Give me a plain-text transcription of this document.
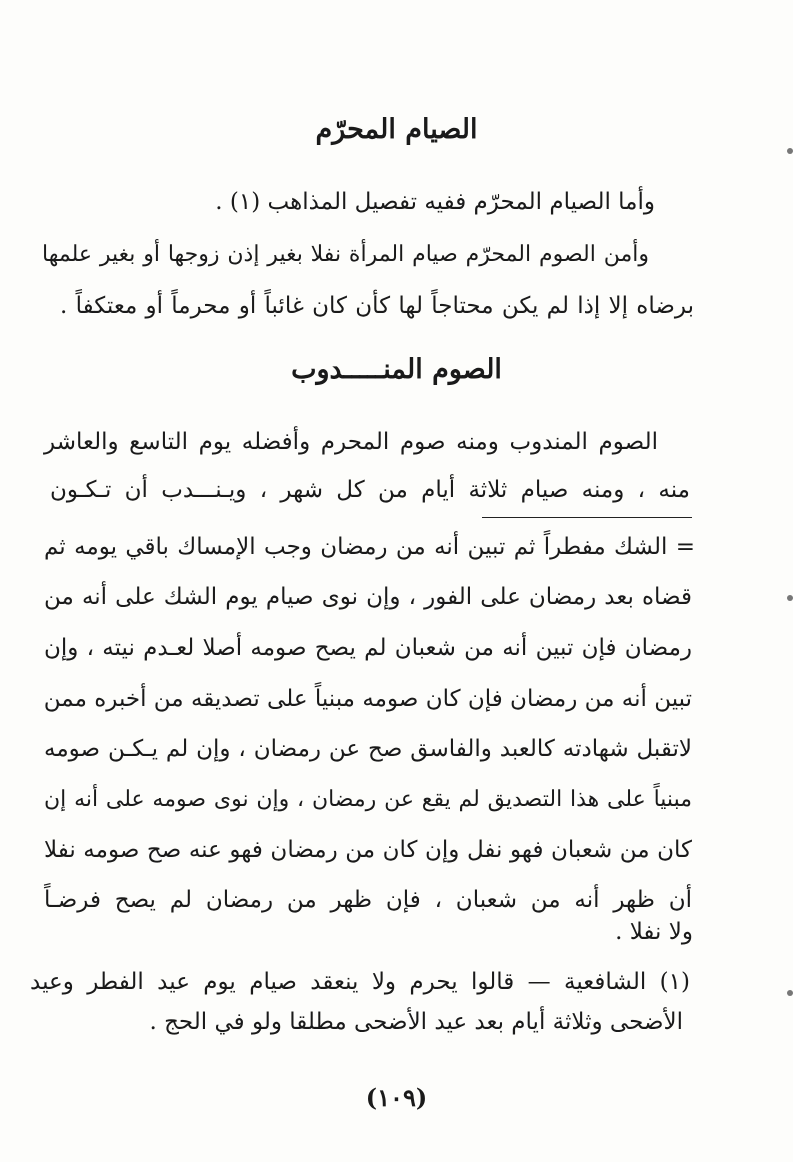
الصيام المحرّم
وأما الصيام المحرّم ففيه تفصيل المذاهب (١) .
وأمن الصوم المحرّم صيام المرأة نفلا بغير إذن زوجها أو بغير علمها
برضاه إلا إذا لم يكن محتاجاً لها كأن كان غائباً أو محرماً أو معتكفاً .
الصوم المنـــــدوب
الصوم المندوب ومنه صوم المحرم وأفضله يوم التاسع والعاشر
منه ، ومنه صيام ثلاثة أيام من كل شهر ، ويـنـــدب أن تـكـون
= الشك مفطراً ثم تبين أنه من رمضان وجب الإمساك باقي يومه ثم
قضاه بعد رمضان على الفور ، وإن نوى صيام يوم الشك على أنه من
رمضان فإن تبين أنه من شعبان لم يصح صومه أصلا لعـدم نيته ، وإن
تبين أنه من رمضان فإن كان صومه مبنياً على تصديقه من أخبره ممن
لاتقبل شهادته كالعبد والفاسق صح عن رمضان ، وإن لم يـكـن صومه
مبنياً على هذا التصديق لم يقع عن رمضان ، وإن نوى صومه على أنه إن
كان من شعبان فهو نفل وإن كان من رمضان فهو عنه صح صومه نفلا
أن ظهر أنه من شعبان ، فإن ظهر من رمضان لم يصح فرضـاً
ولا نفلا .
(١) الشافعية — قالوا يحرم ولا ينعقد صيام يوم عيد الفطر وعيد
الأضحى وثلاثة أيام بعد عيد الأضحى مطلقا ولو في الحج .
(١٠٩)
